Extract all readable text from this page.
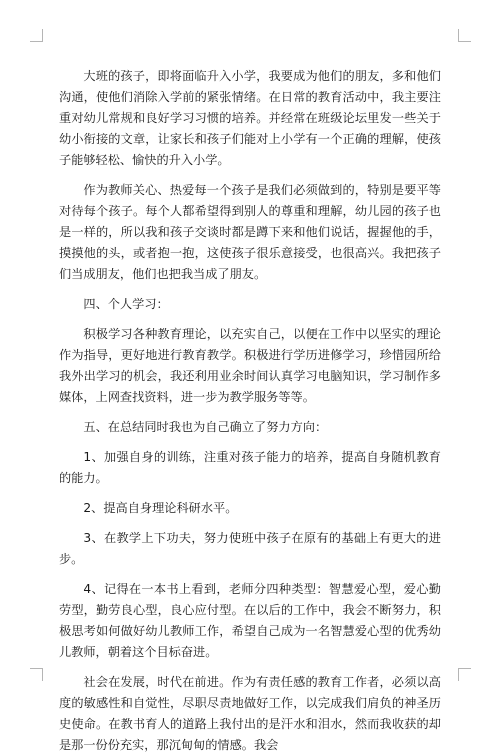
大班的孩子，即将面临升入小学，我要成为他们的朋友，多和他们沟通，使他们消除入学前的紧张情绪。在日常的教育活动中，我主要注重对幼儿常规和良好学习习惯的培养。并经常在班级论坛里发一些关于幼小衔接的文章，让家长和孩子们能对上小学有一个正确的理解，使孩子能够轻松、愉快的升入小学。

作为教师关心、热爱每一个孩子是我们必须做到的，特别是要平等对待每个孩子。每个人都希望得到别人的尊重和理解，幼儿园的孩子也是一样的，所以我和孩子交谈时都是蹲下来和他们说话，握握他的手，摸摸他的头，或者抱一抱，这使孩子很乐意接受，也很高兴。我把孩子们当成朋友，他们也把我当成了朋友。

四、个人学习：

积极学习各种教育理论，以充实自己，以便在工作中以坚实的理论作为指导，更好地进行教育教学。积极进行学历进修学习，珍惜园所给我外出学习的机会，我还利用业余时间认真学习电脑知识，学习制作多媒体，上网查找资料，进一步为教学服务等等。

五、在总结同时我也为自己确立了努力方向：

1、加强自身的训练，注重对孩子能力的培养，提高自身随机教育的能力。

2、提高自身理论科研水平。

3、在教学上下功夫，努力使班中孩子在原有的基础上有更大的进步。

4、记得在一本书上看到，老师分四种类型：智慧爱心型，爱心勤劳型，勤劳良心型，良心应付型。在以后的工作中，我会不断努力，积极思考如何做好幼儿教师工作，希望自己成为一名智慧爱心型的优秀幼儿教师，朝着这个目标奋进。

社会在发展，时代在前进。作为有责任感的教育工作者，必须以高度的敏感性和自觉性，尽职尽责地做好工作，以完成我们肩负的神圣历史使命。在教书育人的道路上我付出的是汗水和泪水，然而我收获的却是那一份份充实，那沉甸甸的情感。我会
